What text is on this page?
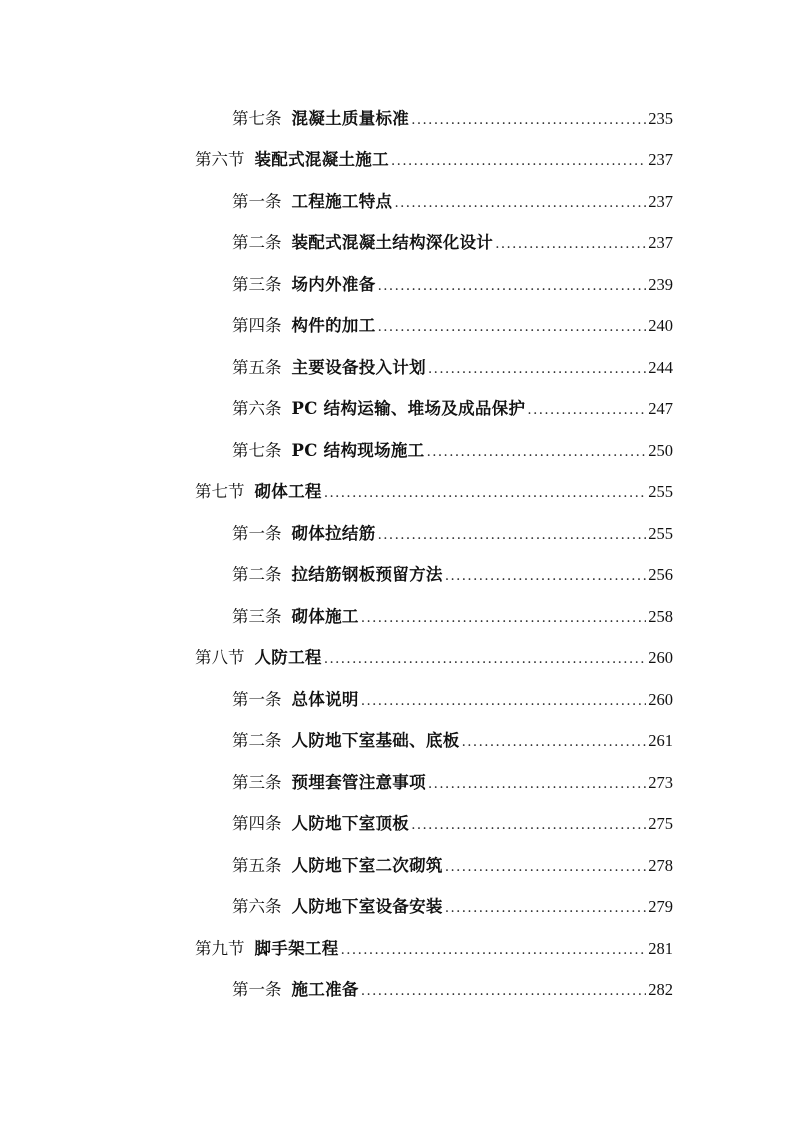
第七条 混凝土质量标准 .....	235
第六节 装配式混凝土施工 .....	237
第一条 工程施工特点 .....	237
第二条 装配式混凝土结构深化设计 .....	237
第三条 场内外准备 .....	239
第四条 构件的加工 .....	240
第五条 主要设备投入计划 .....	244
第六条 PC 结构运输、堆场及成品保护 .....	247
第七条 PC 结构现场施工 .....	250
第七节 砌体工程 .....	255
第一条 砌体拉结筋 .....	255
第二条 拉结筋钢板预留方法 .....	256
第三条 砌体施工 .....	258
第八节 人防工程 .....	260
第一条 总体说明 .....	260
第二条 人防地下室基础、底板 .....	261
第三条 预埋套管注意事项 .....	273
第四条 人防地下室顶板 .....	275
第五条 人防地下室二次砌筑 .....	278
第六条 人防地下室设备安装 .....	279
第九节 脚手架工程 .....	281
第一条 施工准备 .....	282
